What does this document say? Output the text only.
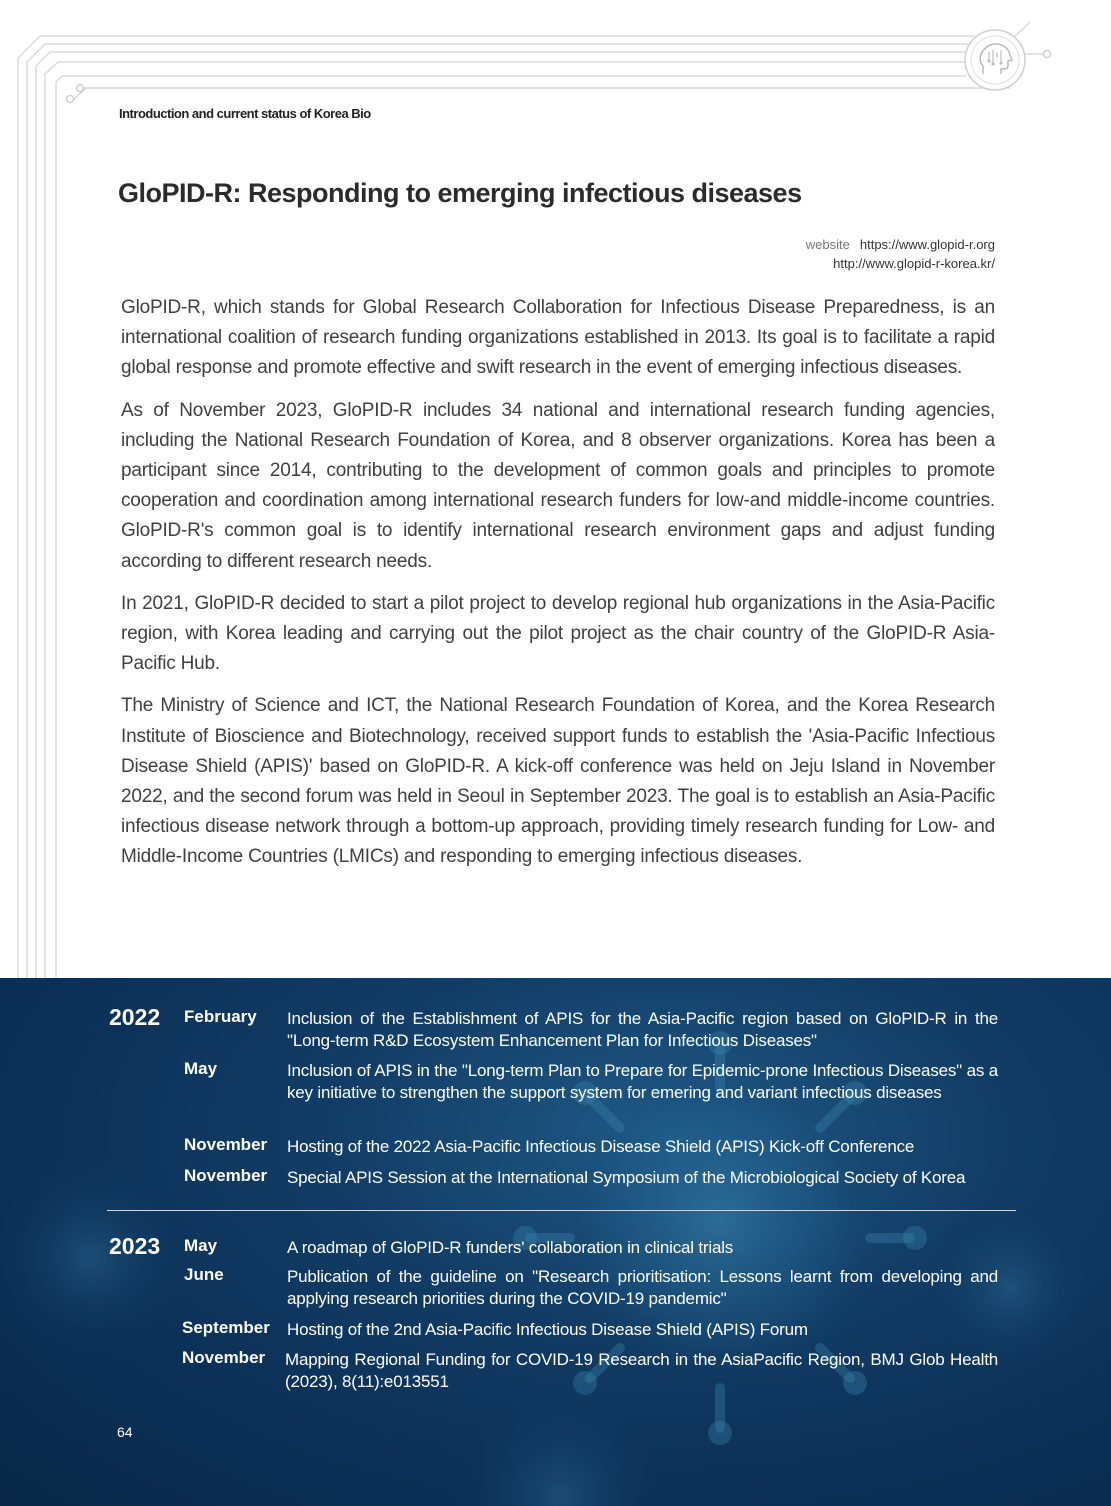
Introduction and current status of Korea Bio
GloPID-R: Responding to emerging infectious diseases
website https://www.glopid-r.org
http://www.glopid-r-korea.kr/

GloPID-R, which stands for Global Research Collaboration for Infectious Disease Preparedness, is an international coalition of research funding organizations established in 2013. Its goal is to facilitate a rapid global response and promote effective and swift research in the event of emerging infectious diseases.

As of November 2023, GloPID-R includes 34 national and international research funding agencies, including the National Research Foundation of Korea, and 8 observer organizations. Korea has been a participant since 2014, contributing to the development of common goals and principles to promote cooperation and coordination among international research funders for low-and middle-income countries. GloPID-R's common goal is to identify international research environment gaps and adjust funding according to different research needs.

In 2021, GloPID-R decided to start a pilot project to develop regional hub organizations in the Asia-Pacific region, with Korea leading and carrying out the pilot project as the chair country of the GloPID-R Asia-Pacific Hub.

The Ministry of Science and ICT, the National Research Foundation of Korea, and the Korea Research Institute of Bioscience and Biotechnology, received support funds to establish the 'Asia-Pacific Infectious Disease Shield (APIS)' based on GloPID-R. A kick-off conference was held on Jeju Island in November 2022, and the second forum was held in Seoul in September 2023. The goal is to establish an Asia-Pacific infectious disease network through a bottom-up approach, providing timely research funding for Low- and Middle-Income Countries (LMICs) and responding to emerging infectious diseases.

2022 February Inclusion of the Establishment of APIS for the Asia-Pacific region based on GloPID-R in the "Long-term R&D Ecosystem Enhancement Plan for Infectious Diseases"
May	Inclusion of APIS in the "Long-term Plan to Prepare for Epidemic-prone Infectious Diseases" as a key initiative to strengthen the support system for emering and variant infectious diseases
November Hosting of the 2022 Asia-Pacific Infectious Disease Shield (APIS) Kick-off Conference
November Special APIS Session at the International Symposium of the Microbiological Society of Korea
2023 May	A roadmap of GloPID-R funders' collaboration in clinical trials
June	Publication of the guideline on "Research prioritisation: Lessons learnt from developing and applying research priorities during the COVID-19 pandemic"
September Hosting of the 2nd Asia-Pacific Infectious Disease Shield (APIS) Forum
November Mapping Regional Funding for COVID-19 Research in the AsiaPacific Region, BMJ Glob Health (2023), 8(11):e013551
64
